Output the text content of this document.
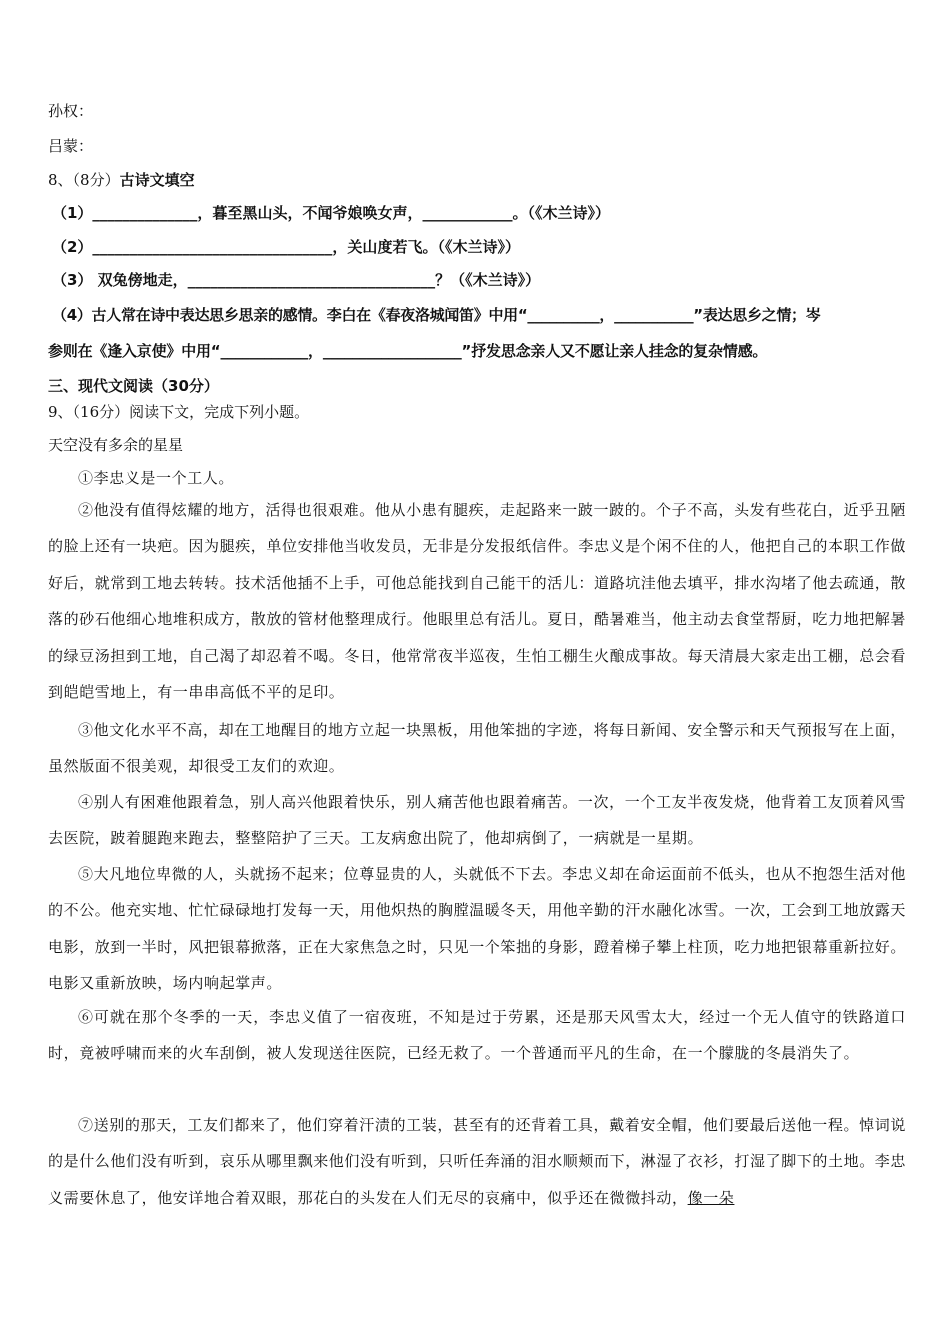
孙权：
吕蒙：
8、（8分）古诗文填空
（1）______________，暮至黑山头，不闻爷娘唤女声，____________。（《木兰诗》）
（2）________________________________，关山度若飞。（《木兰诗》）
（3） 双兔傍地走，_________________________________？（《木兰诗》）
（4）古人常在诗中表达思乡思亲的感情。李白在《春夜洛城闻笛》中用“__________，___________”表达思乡之情；岑
参则在《逢入京使》中用“____________，___________________”抒发思念亲人又不愿让亲人挂念的复杂情感。
三、现代文阅读（30分）
9、（16分）阅读下文，完成下列小题。
天空没有多余的星星
①李忠义是一个工人。
②他没有值得炫耀的地方，活得也很艰难。他从小患有腿疾，走起路来一跛一跛的。个子不高，头发有些花白，近乎丑陋的脸上还有一块疤。因为腿疾，单位安排他当收发员，无非是分发报纸信件。李忠义是个闲不住的人，他把自己的本职工作做好后，就常到工地去转转。技术活他插不上手，可他总能找到自己能干的活儿：道路坑洼他去填平，排水沟堵了他去疏通，散落的砂石他细心地堆积成方，散放的管材他整理成行。他眼里总有活儿。夏日，酷暑难当，他主动去食堂帮厨，吃力地把解暑的绿豆汤担到工地，自己渴了却忍着不喝。冬日，他常常夜半巡夜，生怕工棚生火酿成事故。每天清晨大家走出工棚，总会看到皑皑雪地上，有一串串高低不平的足印。
③他文化水平不高，却在工地醒目的地方立起一块黑板，用他笨拙的字迹，将每日新闻、安全警示和天气预报写在上面，虽然版面不很美观，却很受工友们的欢迎。
④别人有困难他跟着急，别人高兴他跟着快乐，别人痛苦他也跟着痛苦。一次，一个工友半夜发烧，他背着工友顶着风雪去医院，跛着腿跑来跑去，整整陪护了三天。工友病愈出院了，他却病倒了，一病就是一星期。
⑤大凡地位卑微的人，头就扬不起来；位尊显贵的人，头就低不下去。李忠义却在命运面前不低头，也从不抱怨生活对他的不公。他充实地、忙忙碌碌地打发每一天，用他炽热的胸膛温暖冬天，用他辛勤的汗水融化冰雪。一次，工会到工地放露天电影，放到一半时，风把银幕掀落，正在大家焦急之时，只见一个笨拙的身影，蹬着梯子攀上柱顶，吃力地把银幕重新拉好。电影又重新放映，场内响起掌声。
⑥可就在那个冬季的一天，李忠义值了一宿夜班，不知是过于劳累，还是那天风雪太大，经过一个无人值守的铁路道口时，竟被呼啸而来的火车刮倒，被人发现送往医院，已经无救了。一个普通而平凡的生命，在一个朦胧的冬晨消失了。
⑦送别的那天，工友们都来了，他们穿着汗渍的工装，甚至有的还背着工具，戴着安全帽，他们要最后送他一程。悼词说的是什么他们没有听到，哀乐从哪里飘来他们没有听到，只听任奔涌的泪水顺颊而下，淋湿了衣衫，打湿了脚下的土地。李忠义需要休息了，他安详地合着双眼，那花白的头发在人们无尽的哀痛中，似乎还在微微抖动，像一朵
